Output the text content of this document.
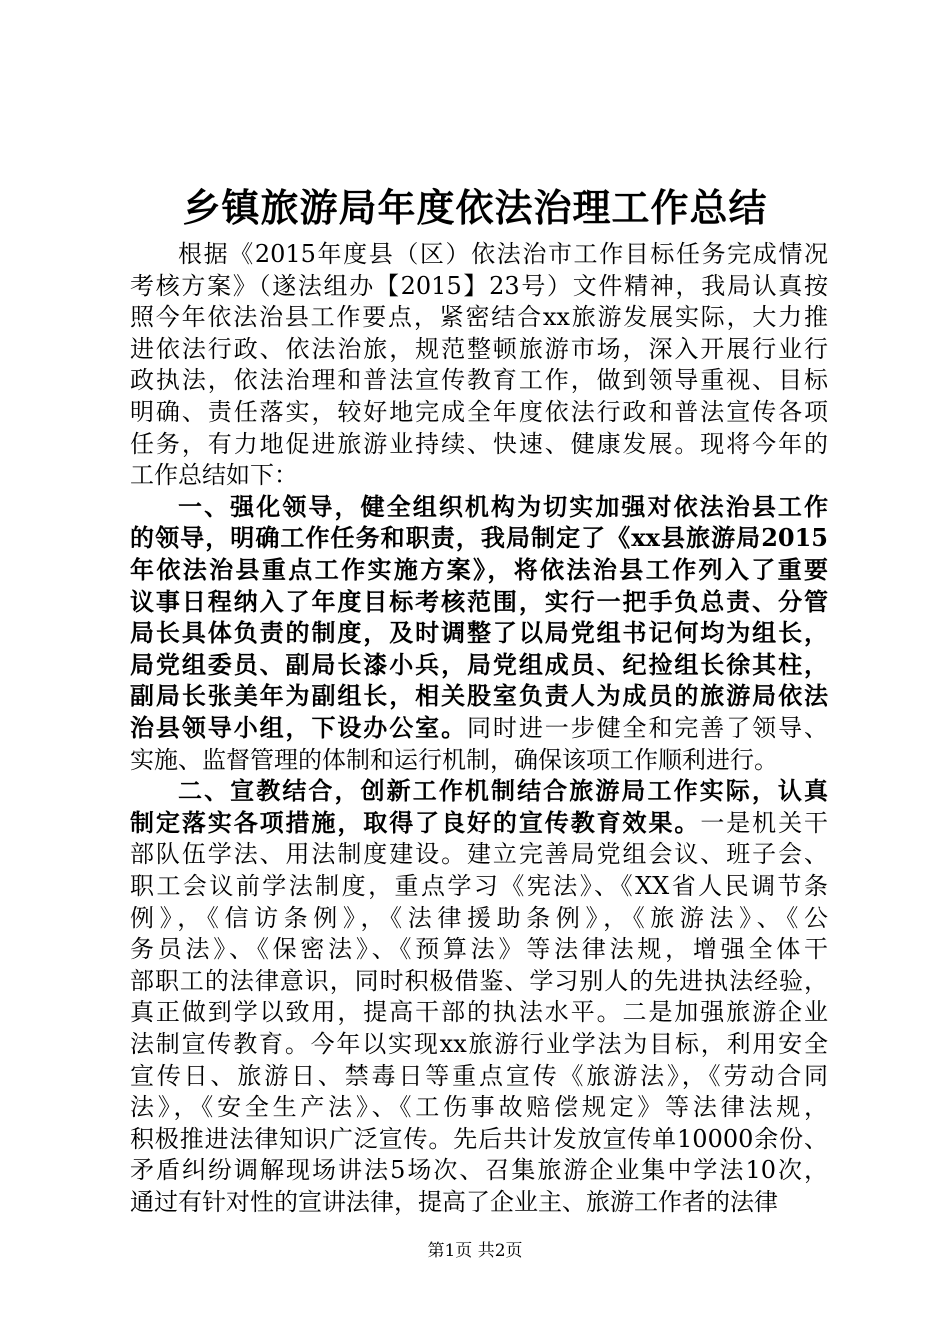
乡镇旅游局年度依法治理工作总结
根据《2015年度县（区）依法治市工作目标任务完成情况
考核方案》（遂法组办【2015】23号）文件精神，我局认真按
照今年依法治县工作要点，紧密结合xx旅游发展实际，大力推
进依法行政、依法治旅，规范整顿旅游市场，深入开展行业行
政执法，依法治理和普法宣传教育工作，做到领导重视、目标
明确、责任落实，较好地完成全年度依法行政和普法宣传各项
任务，有力地促进旅游业持续、快速、健康发展。现将今年的
工作总结如下：
一、强化领导，健全组织机构为切实加强对依法治县工作
的领导，明确工作任务和职责，我局制定了《xx县旅游局2015
年依法治县重点工作实施方案》，将依法治县工作列入了重要
议事日程纳入了年度目标考核范围，实行一把手负总责、分管
局长具体负责的制度，及时调整了以局党组书记何均为组长，
局党组委员、副局长漆小兵，局党组成员、纪捡组长徐其柱，
副局长张美年为副组长，相关股室负责人为成员的旅游局依法
治县领导小组，下设办公室。同时进一步健全和完善了领导、
实施、监督管理的体制和运行机制，确保该项工作顺利进行。
二、宣教结合，创新工作机制结合旅游局工作实际，认真
制定落实各项措施，取得了良好的宣传教育效果。一是机关干
部队伍学法、用法制度建设。建立完善局党组会议、班子会、
职工会议前学法制度，重点学习《宪法》、《XX省人民调节条
例》，《信访条例》，《法律援助条例》，《旅游法》、《公
务员法》、《保密法》、《预算法》等法律法规，增强全体干
部职工的法律意识，同时积极借鉴、学习别人的先进执法经验，
真正做到学以致用，提高干部的执法水平。二是加强旅游企业
法制宣传教育。今年以实现xx旅游行业学法为目标，利用安全
宣传日、旅游日、禁毒日等重点宣传《旅游法》，《劳动合同
法》，《安全生产法》、《工伤事故赔偿规定》等法律法规，
积极推进法律知识广泛宣传。先后共计发放宣传单10000余份、
矛盾纠纷调解现场讲法5场次、召集旅游企业集中学法10次，
通过有针对性的宣讲法律，提高了企业主、旅游工作者的法律
第1页 共2页
